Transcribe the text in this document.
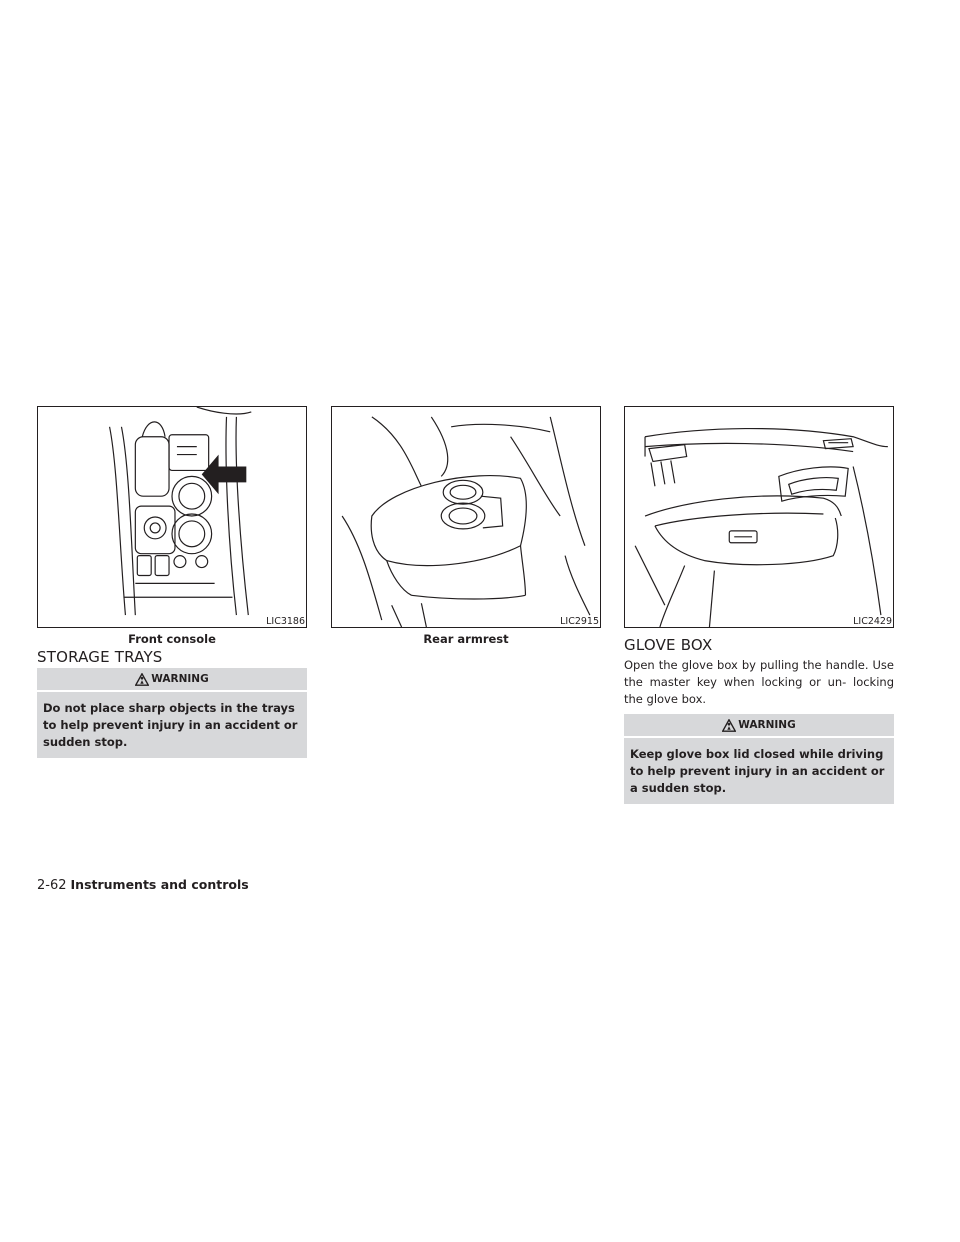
LIC3186	LIC2915	LIC2429
Front console	Rear armrest
STORAGE TRAYS
WARNING
Do not place sharp objects in the trays to help prevent injury in an accident or sudden stop.
GLOVE BOX
Open the glove box by pulling the handle. Use the master key when locking or un- locking the glove box.
WARNING
Keep glove box lid closed while driving to help prevent injury in an accident or a sudden stop.
2-62 Instruments and controls
